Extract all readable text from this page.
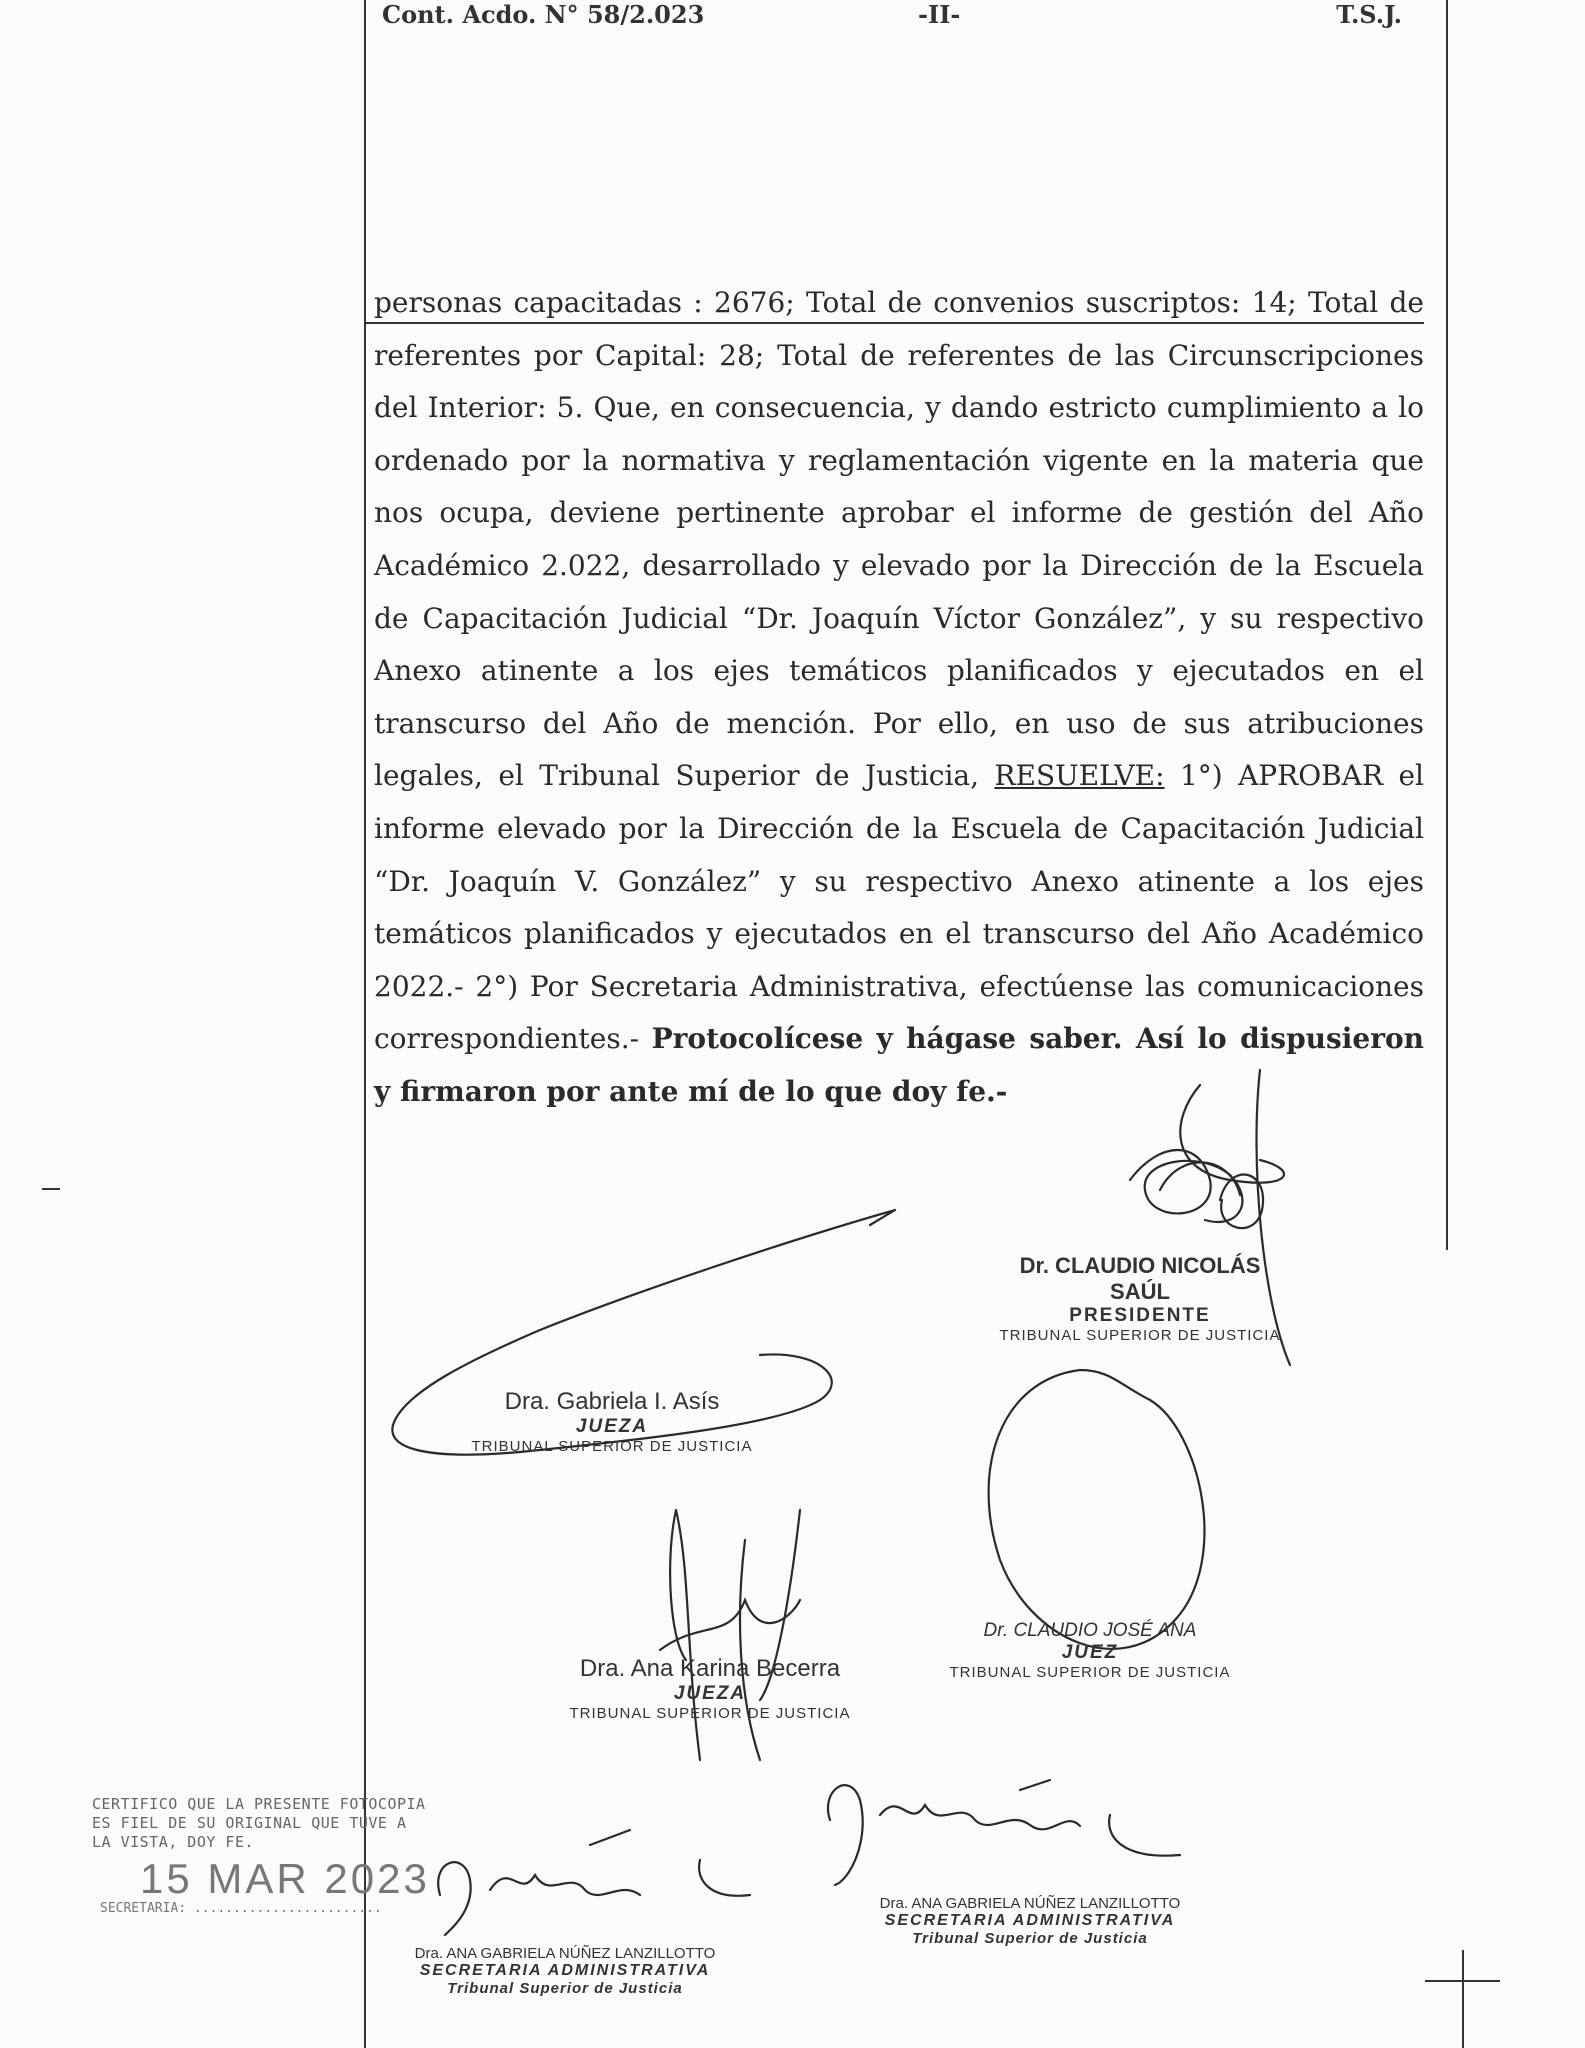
Cont. Acdo. N° 58/2.023	-II-	T.S.J.
personas capacitadas : 2676; Total de convenios suscriptos: 14; Total de referentes por Capital: 28; Total de referentes de las Circunscripciones del Interior: 5. Que, en consecuencia, y dando estricto cumplimiento a lo ordenado por la normativa y reglamentación vigente en la materia que nos ocupa, deviene pertinente aprobar el informe de gestión del Año Académico 2.022, desarrollado y elevado por la Dirección de la Escuela de Capacitación Judicial “Dr. Joaquín Víctor González”, y su respectivo Anexo atinente a los ejes temáticos planificados y ejecutados en el transcurso del Año de mención. Por ello, en uso de sus atribuciones legales, el Tribunal Superior de Justicia, RESUELVE: 1°) APROBAR el informe elevado por la Dirección de la Escuela de Capacitación Judicial “Dr. Joaquín V. González” y su respectivo Anexo atinente a los ejes temáticos planificados y ejecutados en el transcurso del Año Académico 2022.- 2°) Por Secretaria Administrativa, efectúense las comunicaciones correspondientes.- Protocolícese y hágase saber. Así lo dispusieron y firmaron por ante mí de lo que doy fe.-
Dr. CLAUDIO NICOLÁS SAÚL
PRESIDENTE
TRIBUNAL SUPERIOR DE JUSTICIA
Dra. Gabriela I. Asís
JUEZA
TRIBUNAL SUPERIOR DE JUSTICIA
Dra. Ana Karina Becerra
JUEZA
TRIBUNAL SUPERIOR DE JUSTICIA
Dr. CLAUDIO JOSÉ ANA
JUEZ
TRIBUNAL SUPERIOR DE JUSTICIA
Dra. ANA GABRIELA NÚÑEZ LANZILLOTTO
SECRETARIA ADMINISTRATIVA
Tribunal Superior de Justicia
Dra. ANA GABRIELA NÚÑEZ LANZILLOTTO
SECRETARIA ADMINISTRATIVA
Tribunal Superior de Justicia
CERTIFICO QUE LA PRESENTE FOTOCOPIA ES FIEL DE SU ORIGINAL QUE TUVE A LA VISTA, DOY FE.
15 MAR 2023
SECRETARIA: ........................
